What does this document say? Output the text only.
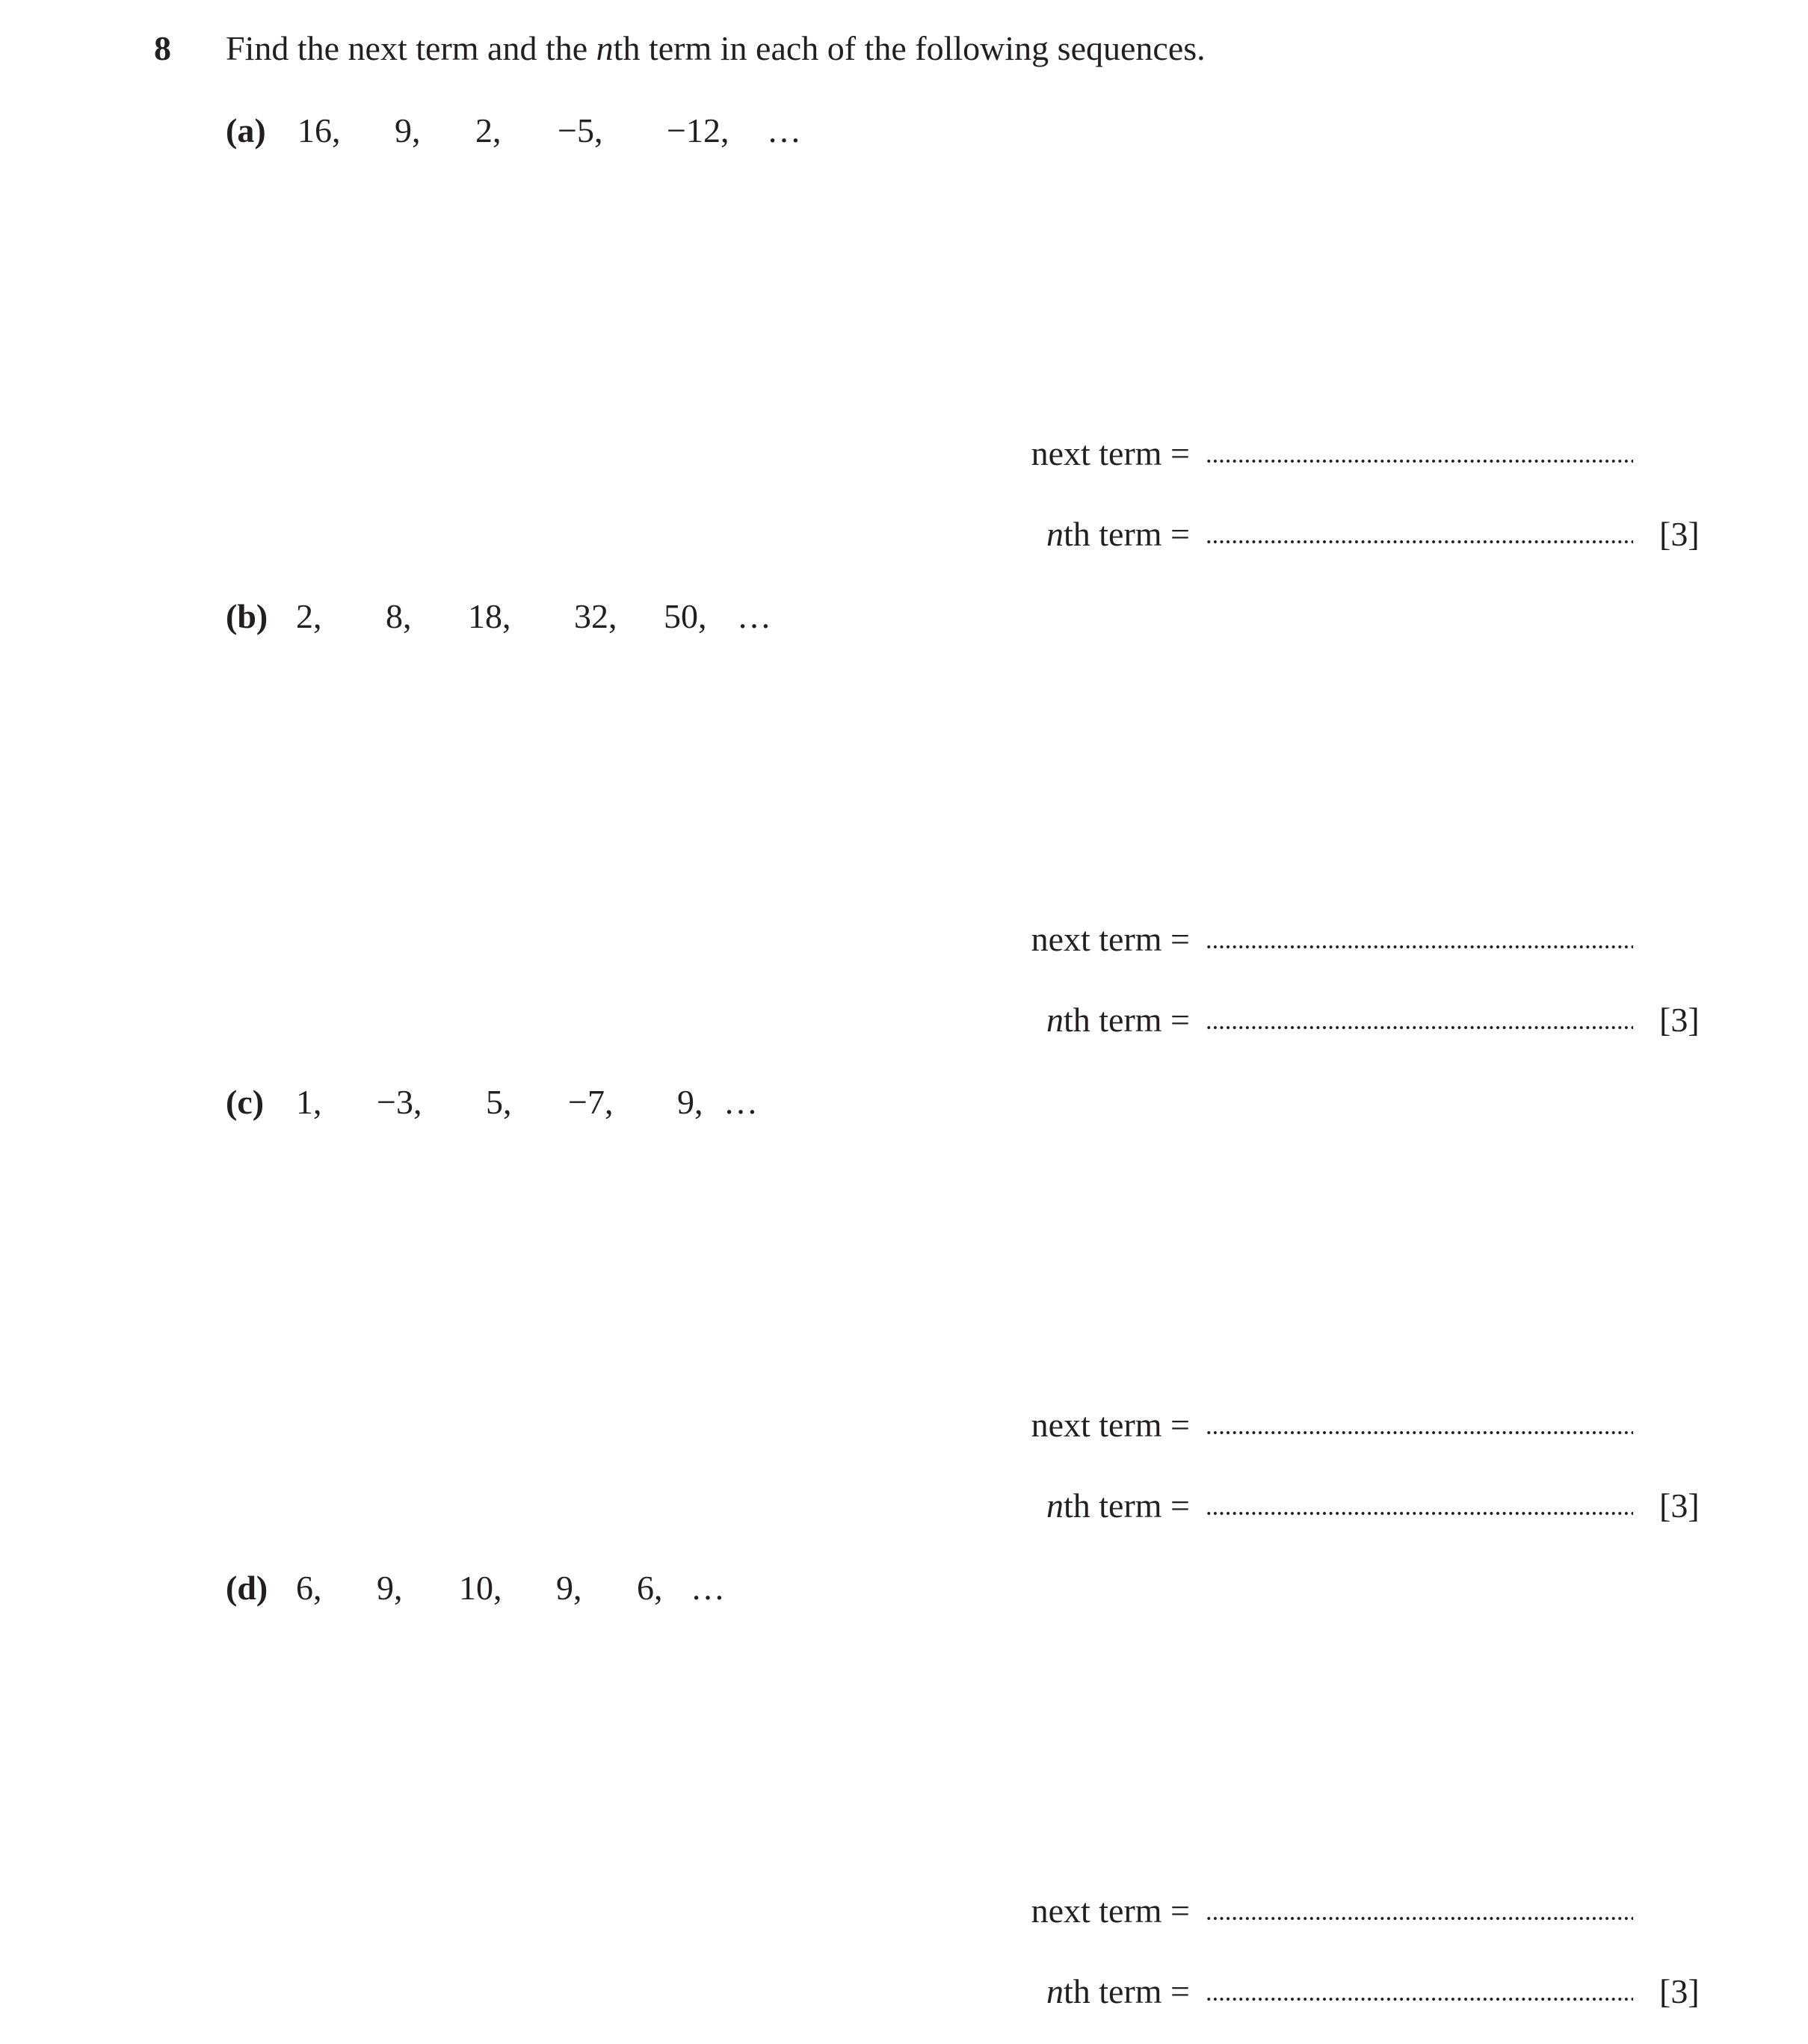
8 Find the next term and the nth term in each of the following sequences.
(a) 16, 9, 2, −5, −12, …
next term =
nth term =	[3]
(b) 2, 8, 18, 32, 50, …
next term =
nth term =	[3]
(c) 1, −3, 5, −7, 9, …
next term =
nth term =	[3]
(d) 6, 9, 10, 9, 6, …
next term =
nth term =	[3]
